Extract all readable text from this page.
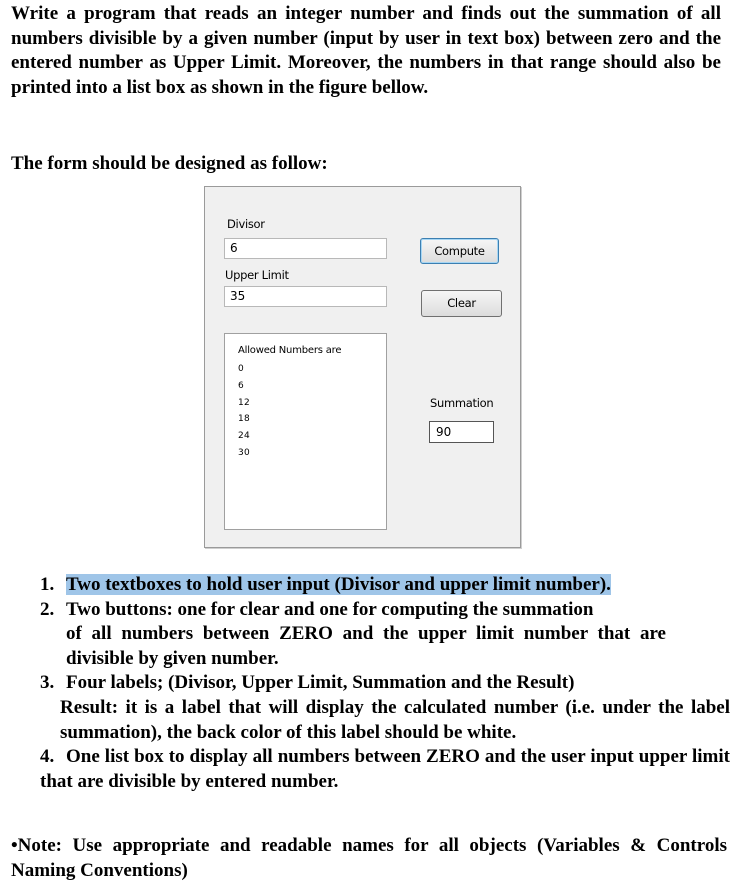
Write a program that reads an integer number and finds out the summation of all numbers divisible by a given number (input by user in text box) between zero and the entered number as Upper Limit. Moreover, the numbers in that range should also be printed into a list box as shown in the figure bellow.
The form should be designed as follow:
Divisor
6	Compute
Upper Limit
35	Clear
Allowed Numbers are
0
6
12
18
24
30
Summation
90
1. Two textboxes to hold user input (Divisor and upper limit number).
2. Two buttons: one for clear and one for computing the summation
of all numbers between ZERO and the upper limit number that are divisible by given number.
3. Four labels; (Divisor, Upper Limit, Summation and the Result)
Result: it is a label that will display the calculated number (i.e. under the label summation), the back color of this label should be white.
4. One list box to display all numbers between ZERO and the user input upper limit that are divisible by entered number.
•Note: Use appropriate and readable names for all objects (Variables & Controls Naming Conventions)
